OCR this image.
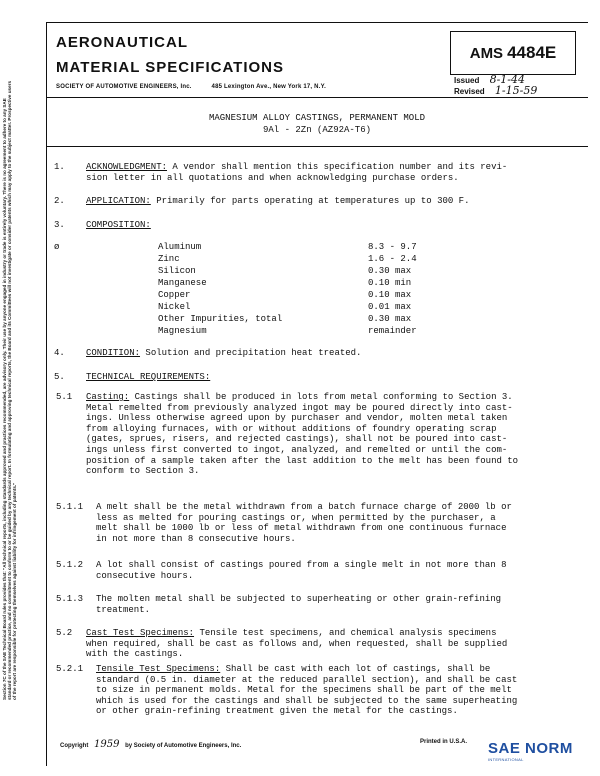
Section 7C of the SAE Technical Board rules provides that: "All technical reports, including standards approved and practices recommended, are advisory only. Their use by anyone engaged in industry or trade is entirely voluntary. There is no agreement to adhere to any SAE standard or recommended practice, and no commitment to conform to or be guided by any technical report. In formulating and approving technical reports, the Board and its Committees will not investigate or consider patents which may apply to the subject matter. Prospective users of the report are responsible for protecting themselves against liability for infringement of patents."
AERONAUTICAL
MATERIAL SPECIFICATIONS
SOCIETY OF AUTOMOTIVE ENGINEERS, Inc.	485 Lexington Ave., New York 17, N.Y.
AMS 4484E
Issued 8-1-44
Revised 1-15-59
MAGNESIUM ALLOY CASTINGS, PERMANENT MOLD
9Al - 2Zn (AZ92A-T6)
1. ACKNOWLEDGMENT: A vendor shall mention this specification number and its revi-
sion letter in all quotations and when acknowledging purchase orders.
2. APPLICATION: Primarily for parts operating at temperatures up to 300 F.
3. COMPOSITION:
ø	Aluminum	8.3 - 9.7
Zinc	1.6 - 2.4
Silicon	0.30 max
Manganese	0.10 min
Copper	0.10 max
Nickel	0.01 max
Other Impurities, total	0.30 max
Magnesium	remainder
4. CONDITION: Solution and precipitation heat treated.
5. TECHNICAL REQUIREMENTS:
5.1 Casting: Castings shall be produced in lots from metal conforming to Section 3.
Metal remelted from previously analyzed ingot may be poured directly into cast-
ings. Unless otherwise agreed upon by purchaser and vendor, molten metal taken
from alloying furnaces, with or without additions of foundry operating scrap
(gates, sprues, risers, and rejected castings), shall not be poured into cast-
ings unless first converted to ingot, analyzed, and remelted or until the com-
position of a sample taken after the last addition to the melt has been found to
conform to Section 3.
5.1.1 A melt shall be the metal withdrawn from a batch furnace charge of 2000 lb or
less as melted for pouring castings or, when permitted by the purchaser, a
melt shall be 1000 lb or less of metal withdrawn from one continuous furnace
in not more than 8 consecutive hours.
5.1.2 A lot shall consist of castings poured from a single melt in not more than 8
consecutive hours.
5.1.3 The molten metal shall be subjected to superheating or other grain-refining
treatment.
5.2 Cast Test Specimens: Tensile test specimens, and chemical analysis specimens
when required, shall be cast as follows and, when requested, shall be supplied
with the castings.
5.2.1 Tensile Test Specimens: Shall be cast with each lot of castings, shall be
standard (0.5 in. diameter at the reduced parallel section), and shall be cast
to size in permanent molds. Metal for the specimens shall be part of the melt
which is used for the castings and shall be subjected to the same superheating
or other grain-refining treatment given the metal for the castings.
Copyright 1959 by Society of Automotive Engineers, Inc.
Printed in U.S.A. SAE NORM
INTERNATIONAL
